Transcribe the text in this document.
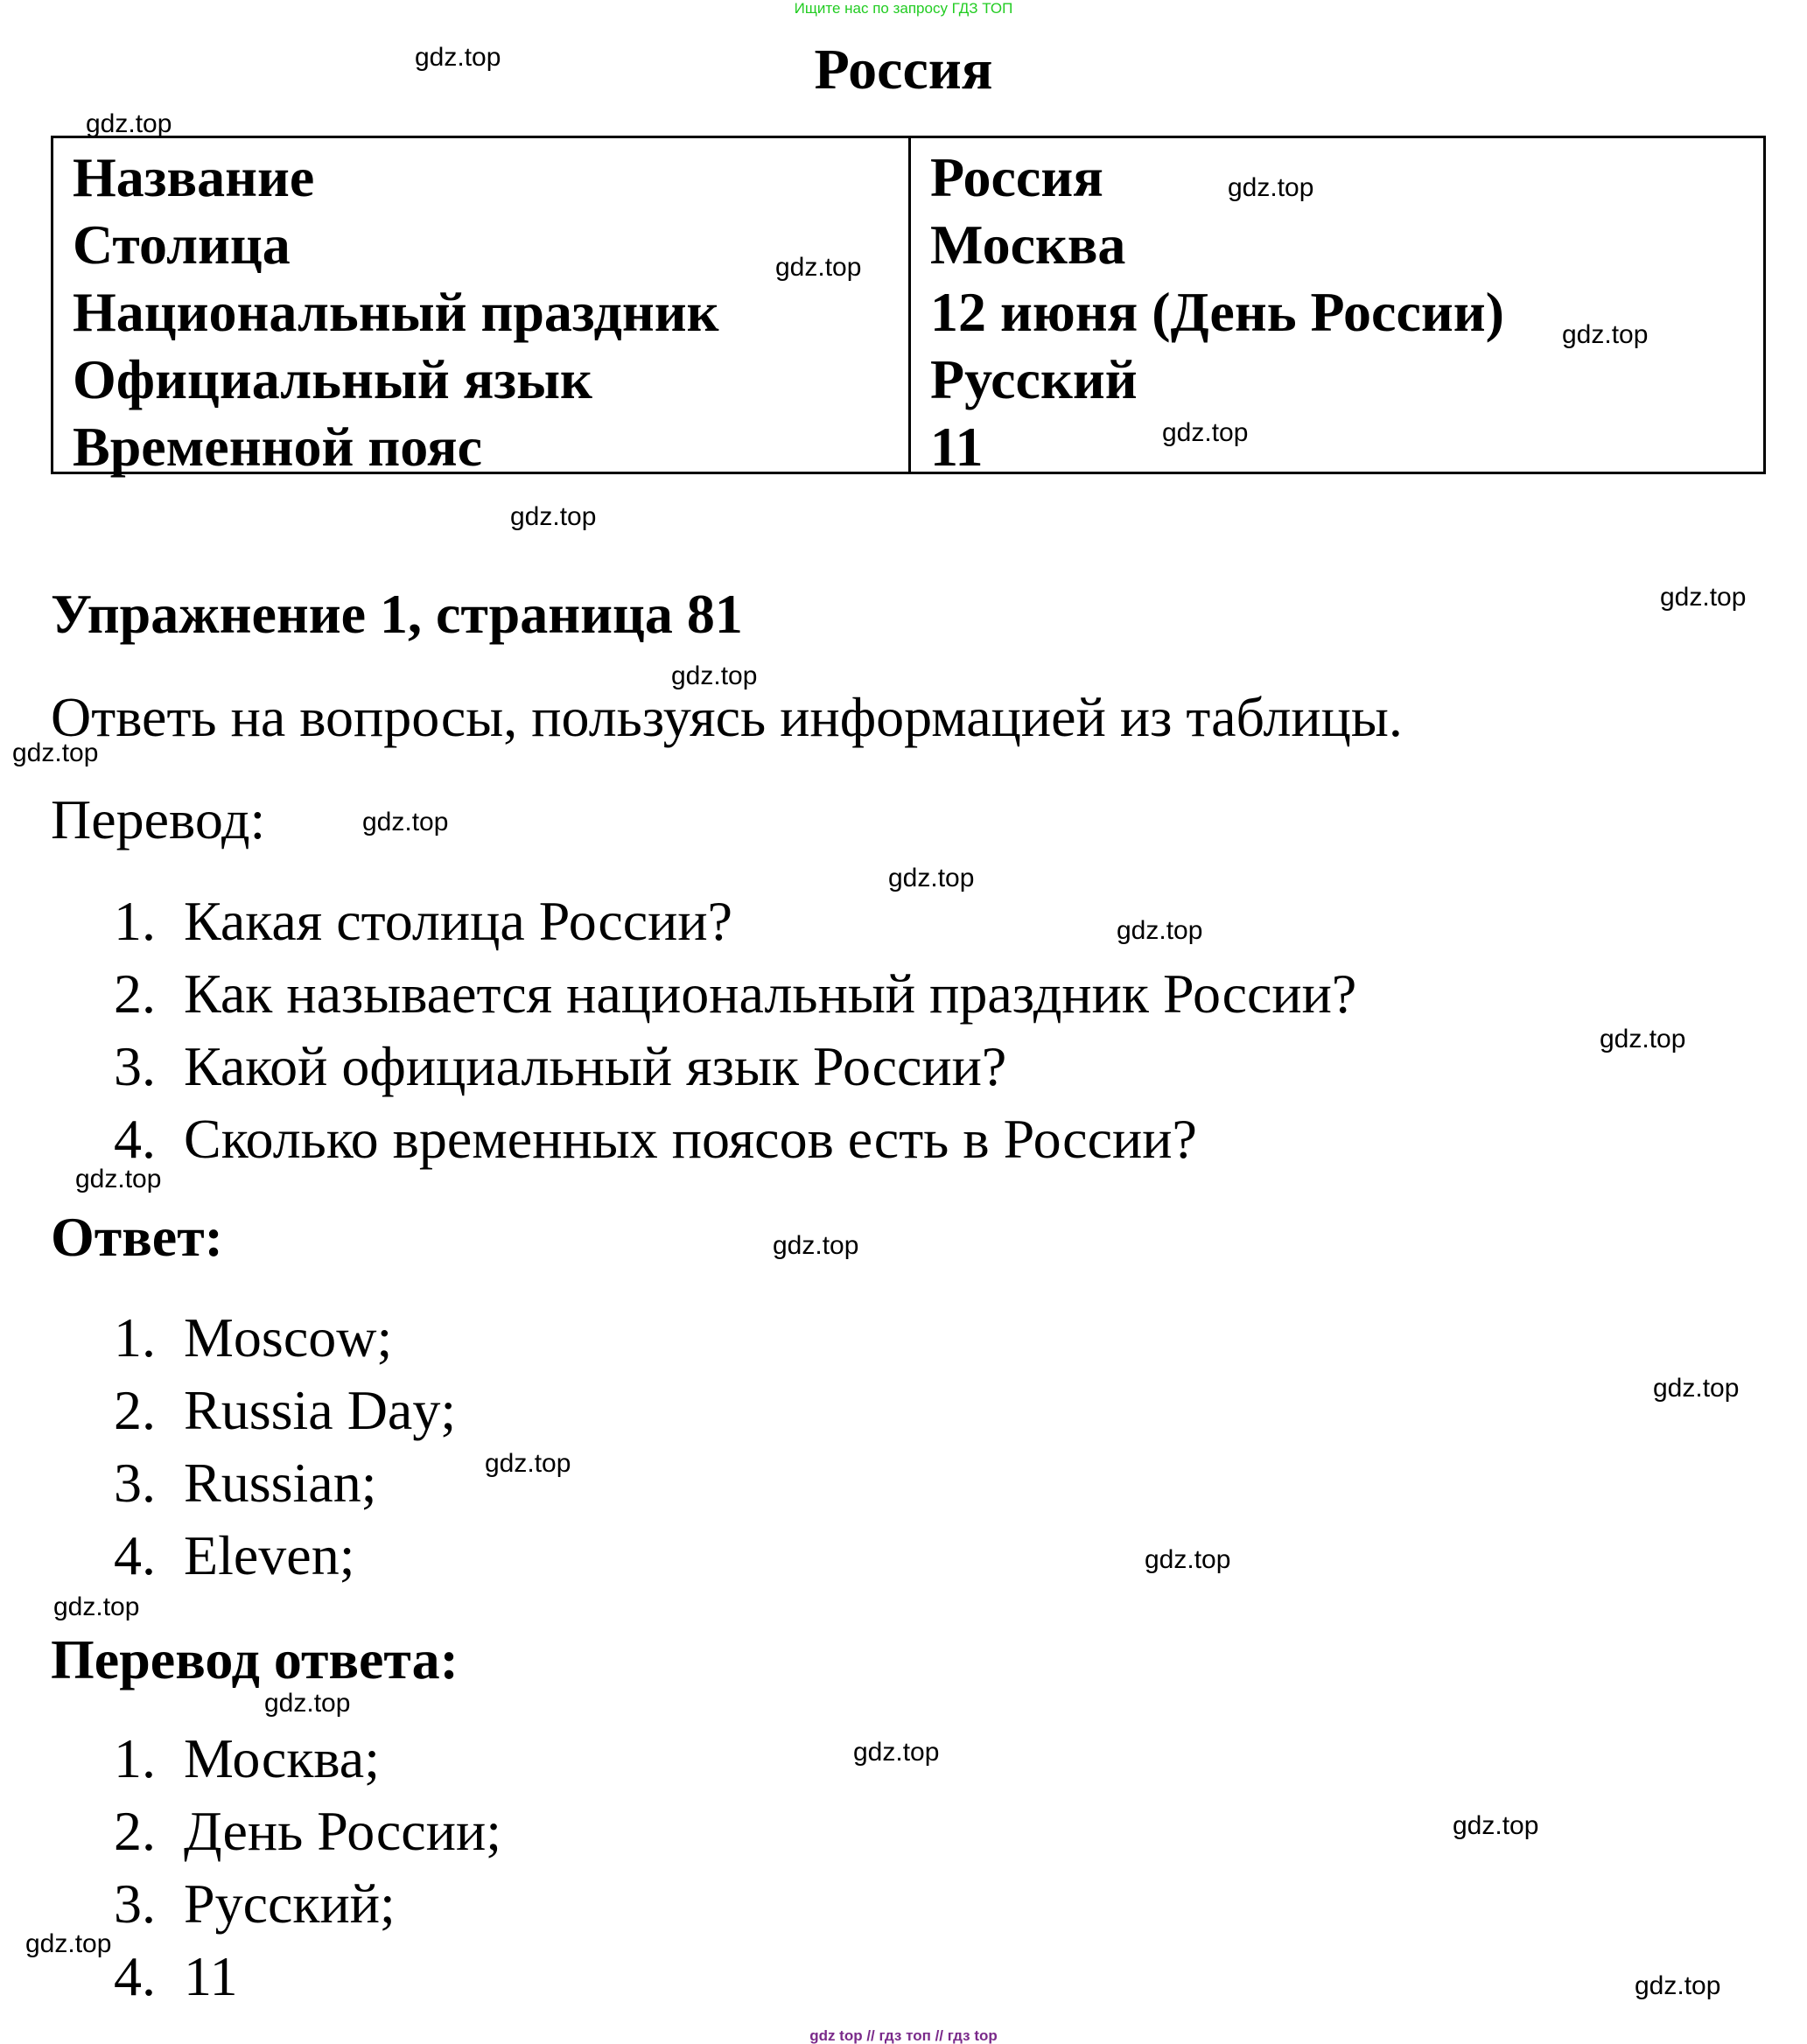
Ищите нас по запросу ГДЗ ТОП
Россия
Название
Столица
Национальный праздник
Официальный язык
Временной пояс
Россия
Москва
12 июня (День России)
Русский
11
Упражнение 1, страница 81
Ответь на вопросы, пользуясь информацией из таблицы.
Перевод:
1. Какая столица России?
2. Как называется национальный праздник России?
3. Какой официальный язык России?
4. Сколько временных поясов есть в России?
Ответ:
1. Moscow;
2. Russia Day;
3. Russian;
4. Eleven;
Перевод ответа:
1. Москва;
2. День России;
3. Русский;
4. 11
gdz.top
gdz.top
gdz.top
gdz.top
gdz.top
gdz.top
gdz.top
gdz.top
gdz.top
gdz.top
gdz.top
gdz.top
gdz.top
gdz.top
gdz.top
gdz.top
gdz.top
gdz.top
gdz.top
gdz.top
gdz.top
gdz.top
gdz.top
gdz.top
gdz.top
gdz top // гдз топ // гдз top
